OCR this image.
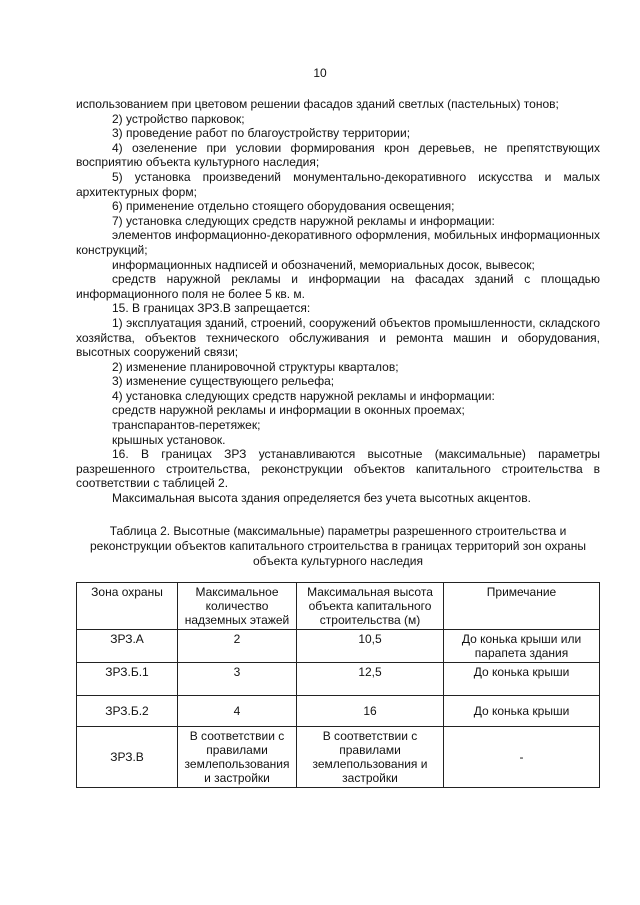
10

использованием при цветовом решении фасадов зданий светлых (пастельных) тонов;

2) устройство парковок;

3) проведение работ по благоустройству территории;

4) озеленение при условии формирования крон деревьев, не препятствующих восприятию объекта культурного наследия;

5) установка произведений монументально-декоративного искусства и малых архитектурных форм;

6) применение отдельно стоящего оборудования освещения;

7) установка следующих средств наружной рекламы и информации:

элементов информационно-декоративного оформления, мобильных информационных конструкций;

информационных надписей и обозначений, мемориальных досок, вывесок;

средств наружной рекламы и информации на фасадах зданий с площадью информационного поля не более 5 кв. м.

15. В границах ЗРЗ.В запрещается:

1) эксплуатация зданий, строений, сооружений объектов промышленности, складского хозяйства, объектов технического обслуживания и ремонта машин и оборудования, высотных сооружений связи;

2) изменение планировочной структуры кварталов;

3) изменение существующего рельефа;

4) установка следующих средств наружной рекламы и информации:

средств наружной рекламы и информации в оконных проемах;

транспарантов-перетяжек;

крышных установок.

16. В границах ЗРЗ устанавливаются высотные (максимальные) параметры разрешенного строительства, реконструкции объектов капитального строительства в соответствии с таблицей 2.

Максимальная высота здания определяется без учета высотных акцентов.

Таблица 2. Высотные (максимальные) параметры разрешенного строительства и реконструкции объектов капитального строительства в границах территорий зон охраны объекта культурного наследия
Зона охраны	Максимальное количество надземных этажей	Максимальная высота объекта капитального строительства (м)	Примечание
ЗРЗ.А	2	10,5	До конька крыши или парапета здания
ЗРЗ.Б.1	3	12,5	До конька крыши
ЗРЗ.Б.2	4	16	До конька крыши
ЗРЗ.В	В соответствии с правилами землепользования и застройки	В соответствии с правилами землепользования и застройки	-
